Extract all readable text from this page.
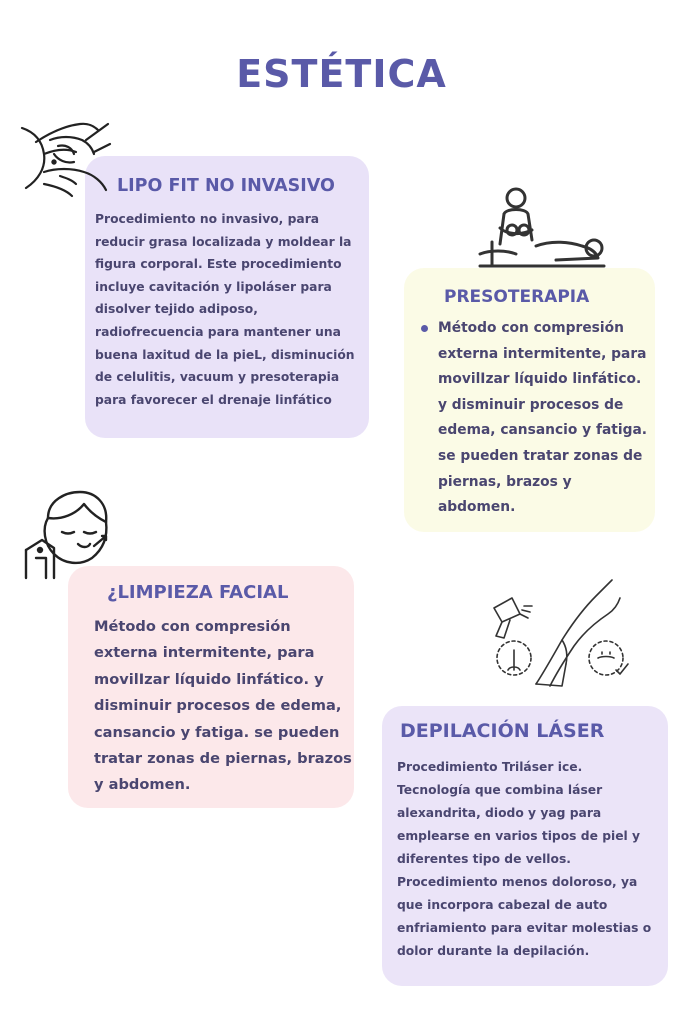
ESTÉTICA
LIPO FIT NO INVASIVO
Procedimiento no invasivo, para reducir grasa localizada y moldear la figura corporal. Este procedimiento incluye cavitación y lipoláser para disolver tejido adiposo, radiofrecuencia para mantener una buena laxitud de la pieL, disminución de celulitis, vacuum y presoterapia para favorecer el drenaje linfático
PRESOTERAPIA
Método con compresión externa intermitente, para movilIzar líquido linfático. y disminuir procesos de edema, cansancio y fatiga. se pueden tratar zonas de piernas, brazos y abdomen.
¿LIMPIEZA FACIAL
Método con compresión externa intermitente, para movilIzar líquido linfático. y disminuir procesos de edema, cansancio y fatiga. se pueden tratar zonas de piernas, brazos y abdomen.
DEPILACIÓN LÁSER
Procedimiento Triláser ice. Tecnología que combina láser alexandrita, diodo y yag para emplearse en varios tipos de piel y diferentes tipo de vellos. Procedimiento menos doloroso, ya que incorpora cabezal de auto enfriamiento para evitar molestias o dolor durante la depilación.
